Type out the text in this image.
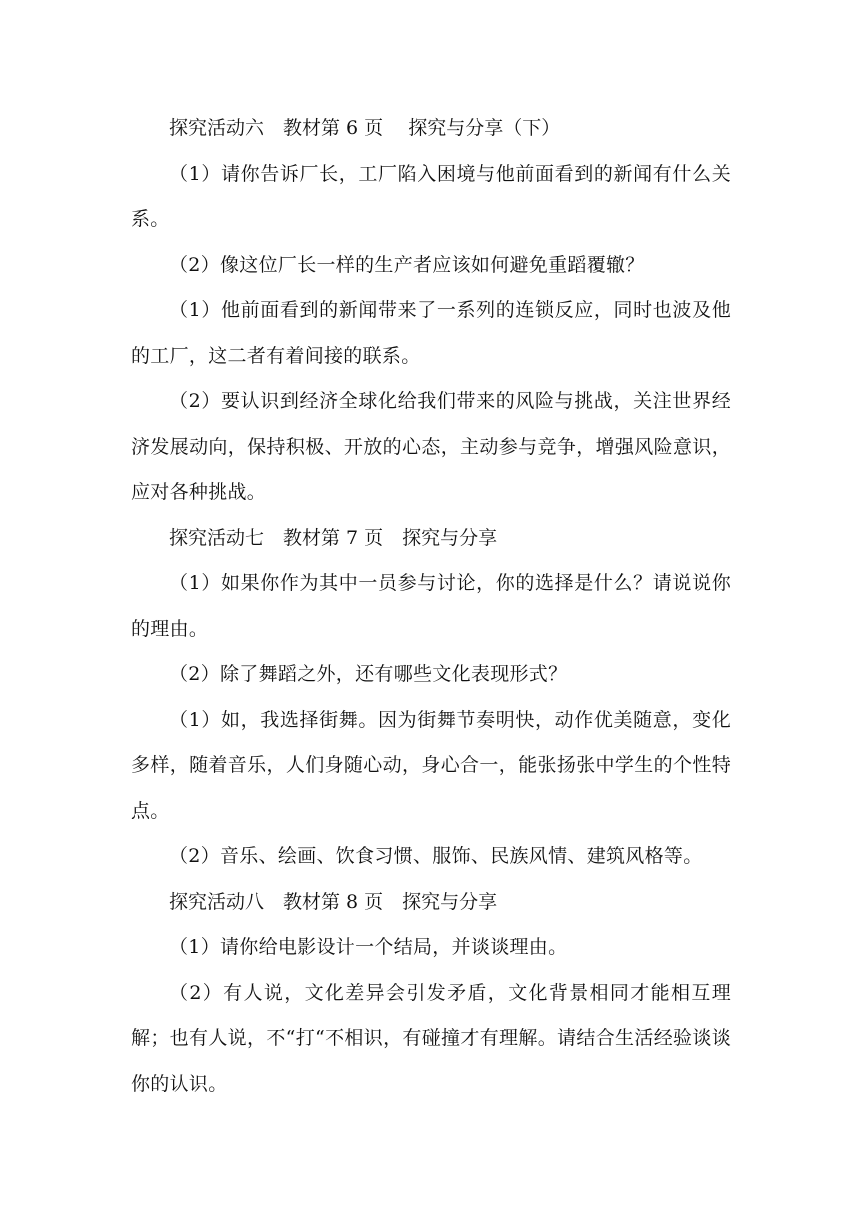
探究活动六　教材第 6 页　 探究与分享（下）

（1）请你告诉厂长，工厂陷入困境与他前面看到的新闻有什么关系。

（2）像这位厂长一样的生产者应该如何避免重蹈覆辙？

（1）他前面看到的新闻带来了一系列的连锁反应，同时也波及他的工厂，这二者有着间接的联系。

（2）要认识到经济全球化给我们带来的风险与挑战，关注世界经济发展动向，保持积极、开放的心态，主动参与竞争，增强风险意识，应对各种挑战。

探究活动七　教材第 7 页　探究与分享

（1）如果你作为其中一员参与讨论，你的选择是什么？请说说你的理由。

（2）除了舞蹈之外，还有哪些文化表现形式？

（1）如，我选择街舞。因为街舞节奏明快，动作优美随意，变化多样，随着音乐，人们身随心动，身心合一，能张扬张中学生的个性特点。

（2）音乐、绘画、饮食习惯、服饰、民族风情、建筑风格等。

探究活动八　教材第 8 页　探究与分享

（1）请你给电影设计一个结局，并谈谈理由。

（2）有人说，文化差异会引发矛盾，文化背景相同才能相互理解；也有人说，不“打“不相识，有碰撞才有理解。请结合生活经验谈谈你的认识。
